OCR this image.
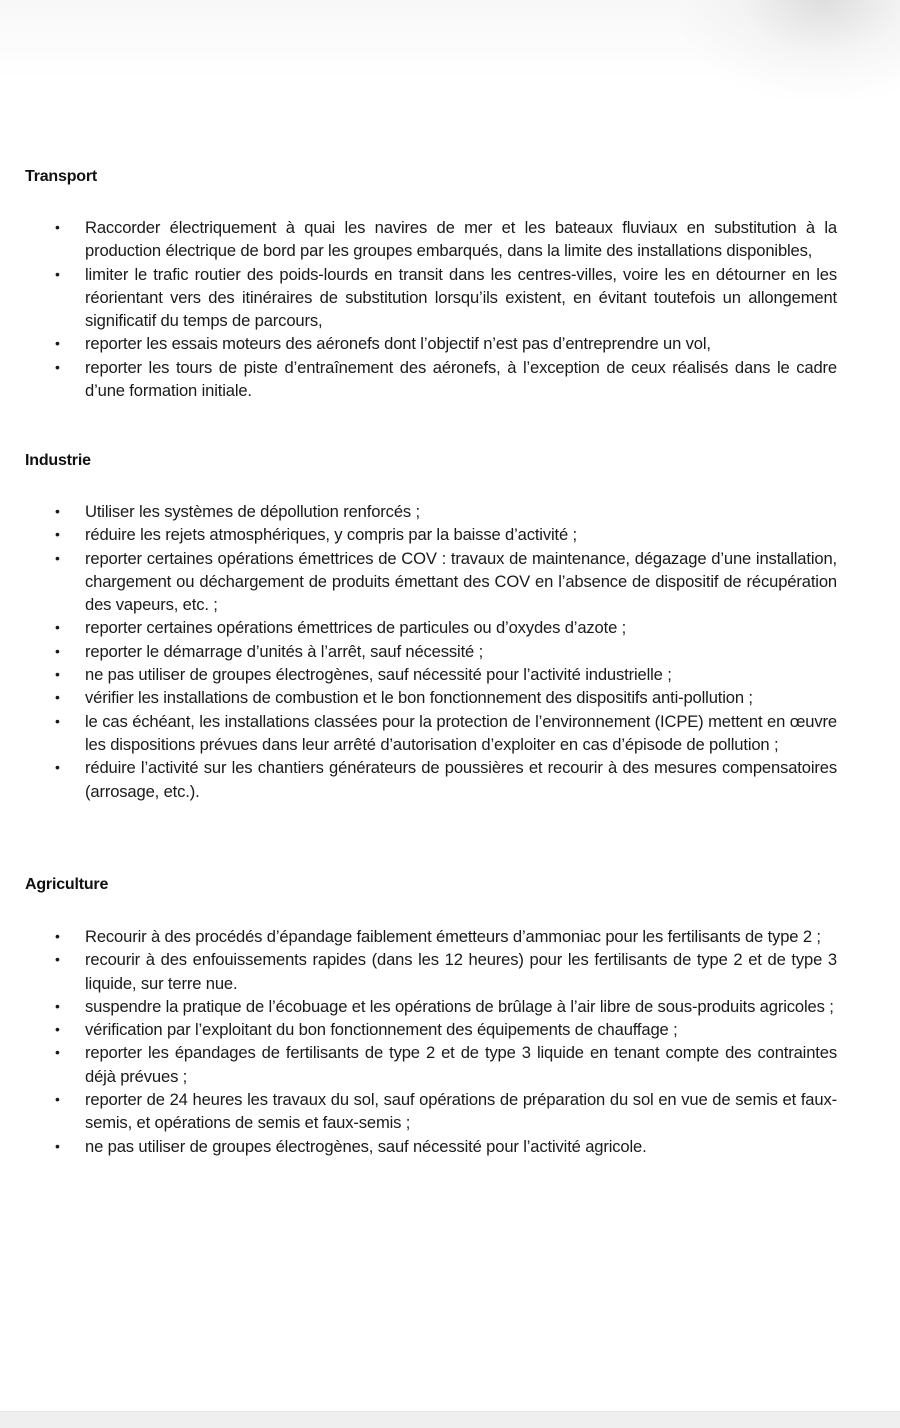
Transport
• Raccorder électriquement à quai les navires de mer et les bateaux fluviaux en substitution à la production électrique de bord par les groupes embarqués, dans la limite des installations disponibles,
• limiter le trafic routier des poids-lourds en transit dans les centres-villes, voire les en détourner en les réorientant vers des itinéraires de substitution lorsqu’ils existent, en évitant toutefois un allongement significatif du temps de parcours,
• reporter les essais moteurs des aéronefs dont l’objectif n’est pas d’entreprendre un vol,
• reporter les tours de piste d’entraînement des aéronefs, à l’exception de ceux réalisés dans le cadre d’une formation initiale.
Industrie
• Utiliser les systèmes de dépollution renforcés ;
• réduire les rejets atmosphériques, y compris par la baisse d’activité ;
• reporter certaines opérations émettrices de COV : travaux de maintenance, dégazage d’une installation, chargement ou déchargement de produits émettant des COV en l’absence de dispositif de récupération des vapeurs, etc. ;
• reporter certaines opérations émettrices de particules ou d’oxydes d’azote ;
• reporter le démarrage d’unités à l’arrêt, sauf nécessité ;
• ne pas utiliser de groupes électrogènes, sauf nécessité pour l’activité industrielle ;
• vérifier les installations de combustion et le bon fonctionnement des dispositifs anti-pollution ;
• le cas échéant, les installations classées pour la protection de l’environnement (ICPE) mettent en œuvre les dispositions prévues dans leur arrêté d’autorisation d’exploiter en cas d’épisode de pollution ;
• réduire l’activité sur les chantiers générateurs de poussières et recourir à des mesures compensatoires (arrosage, etc.).
Agriculture
• Recourir à des procédés d’épandage faiblement émetteurs d’ammoniac pour les fertilisants de type 2 ;
• recourir à des enfouissements rapides (dans les 12 heures) pour les fertilisants de type 2 et de type 3 liquide, sur terre nue.
• suspendre la pratique de l’écobuage et les opérations de brûlage à l’air libre de sous-produits agricoles ;
• vérification par l’exploitant du bon fonctionnement des équipements de chauffage ;
• reporter les épandages de fertilisants de type 2 et de type 3 liquide en tenant compte des contraintes déjà prévues ;
• reporter de 24 heures les travaux du sol, sauf opérations de préparation du sol en vue de semis et faux-semis, et opérations de semis et faux-semis ;
• ne pas utiliser de groupes électrogènes, sauf nécessité pour l’activité agricole.
